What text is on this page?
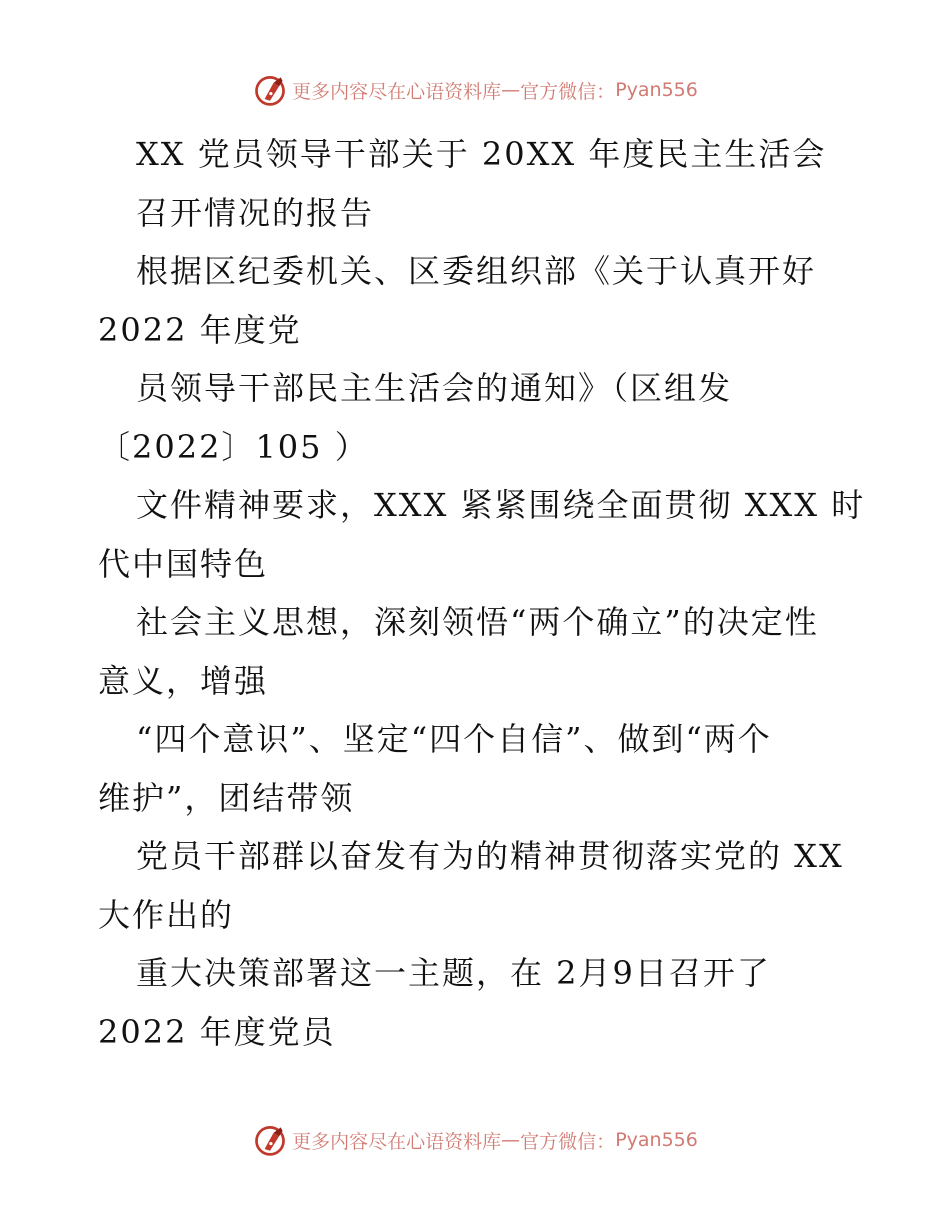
更多内容尽在心语资料库 — 官方微信： Pyan556
XX 党员领导干部关于 20XX 年度民主生活会
召开情况的报告
根据区纪委机关、区委组织部《关于认真开好
2022 年度党
员领导干部民主生活会的通知》（区组发
〔2022〕105 ）
文件精神要求，XXX 紧紧围绕全面贯彻 XXX 时
代中国特色
社会主义思想，深刻领悟“两个确立”的决定性
意义，增强
“四个意识”、坚定“四个自信”、做到“两个
维护”，团结带领
党员干部群以奋发有为的精神贯彻落实党的 XX
大作出的
重大决策部署这一主题，在 2月9日召开了
2022 年度党员
更多内容尽在心语资料库 — 官方微信： Pyan556
